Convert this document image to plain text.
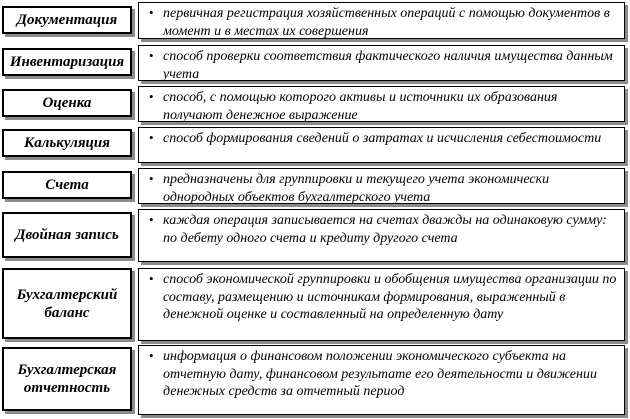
Документация • первичная регистрация хозяйственных операций с помощью документов в момент и в местах их совершения
Инвентаризация • способ проверки соответствия фактического наличия имущества данным учета
Оценка	• способ, с помощью которого активы и источники их образования получают денежное выражение
Калькуляция	• способ формирования сведений о затратах и исчисления себестоимости
Счета	• предназначены для группировки и текущего учета экономически однородных объектов бухгалтерского учета
Двойная запись
• каждая операция записывается на счетах дважды на одинаковую сумму: по дебету одного счета и кредиту другого счета
Бухгалтерский баланс
• способ экономической группировки и обобщения имущества организации по составу, размещению и источникам формирования, выраженный в денежной оценке и составленный на определенную дату
Бухгалтерская отчетность
• информация о финансовом положении экономического субъекта на отчетную дату, финансовом результате его деятельности и движении денежных средств за отчетный период
